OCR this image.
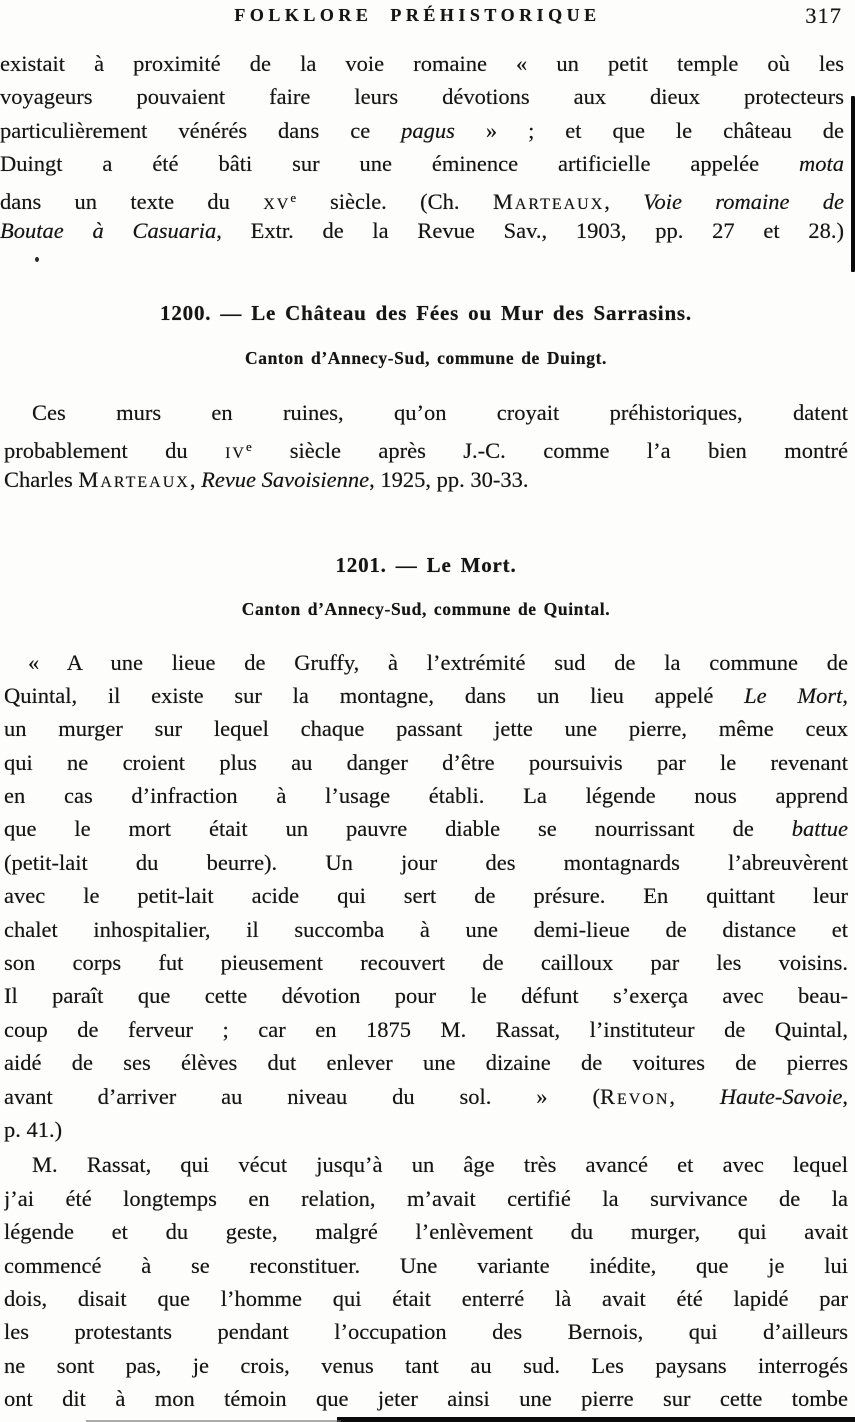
FOLKLORE PRÉHISTORIQUE	317
existait à proximité de la voie romaine « un petit temple où les
voyageurs pouvaient faire leurs dévotions aux dieux protecteurs
particulièrement vénérés dans ce pagus » ; et que le château de
Duingt a été bâti sur une éminence artificielle appelée mota
dans un texte du $xv^e$ siècle. (Ch. Marteaux, Voie romaine de
Boutae à Casuaria, Extr. de la Revue Sav., 1903, pp. 27 et 28.)
1200. — Le Château des Fées ou Mur des Sarrasins.
Canton d’Annecy-Sud, commune de Duingt.
Ces murs en ruines, qu’on croyait préhistoriques, datent
probablement du $iv^e$ siècle après J.-C. comme l’a bien montré
Charles Marteaux, Revue Savoisienne, 1925, pp. 30-33.
1201. — Le Mort.
Canton d’Annecy-Sud, commune de Quintal.
« A une lieue de Gruffy, à l’extrémité sud de la commune de
Quintal, il existe sur la montagne, dans un lieu appelé Le Mort,
un murger sur lequel chaque passant jette une pierre, même ceux
qui ne croient plus au danger d’être poursuivis par le revenant
en cas d’infraction à l’usage établi. La légende nous apprend
que le mort était un pauvre diable se nourrissant de battue
(petit-lait du beurre). Un jour des montagnards l’abreuvèrent
avec le petit-lait acide qui sert de présure. En quittant leur
chalet inhospitalier, il succomba à une demi-lieue de distance et
son corps fut pieusement recouvert de cailloux par les voisins.
Il paraît que cette dévotion pour le défunt s’exerça avec beau-
coup de ferveur ; car en 1875 M. Rassat, l’instituteur de Quintal,
aidé de ses élèves dut enlever une dizaine de voitures de pierres
avant d’arriver au niveau du sol. » (Revon, Haute-Savoie,
p. 41.)
M. Rassat, qui vécut jusqu’à un âge très avancé et avec lequel
j’ai été longtemps en relation, m’avait certifié la survivance de la
légende et du geste, malgré l’enlèvement du murger, qui avait
commencé à se reconstituer. Une variante inédite, que je lui
dois, disait que l’homme qui était enterré là avait été lapidé par
les protestants pendant l’occupation des Bernois, qui d’ailleurs
ne sont pas, je crois, venus tant au sud. Les paysans interrogés
ont dit à mon témoin que jeter ainsi une pierre sur cette tombe
